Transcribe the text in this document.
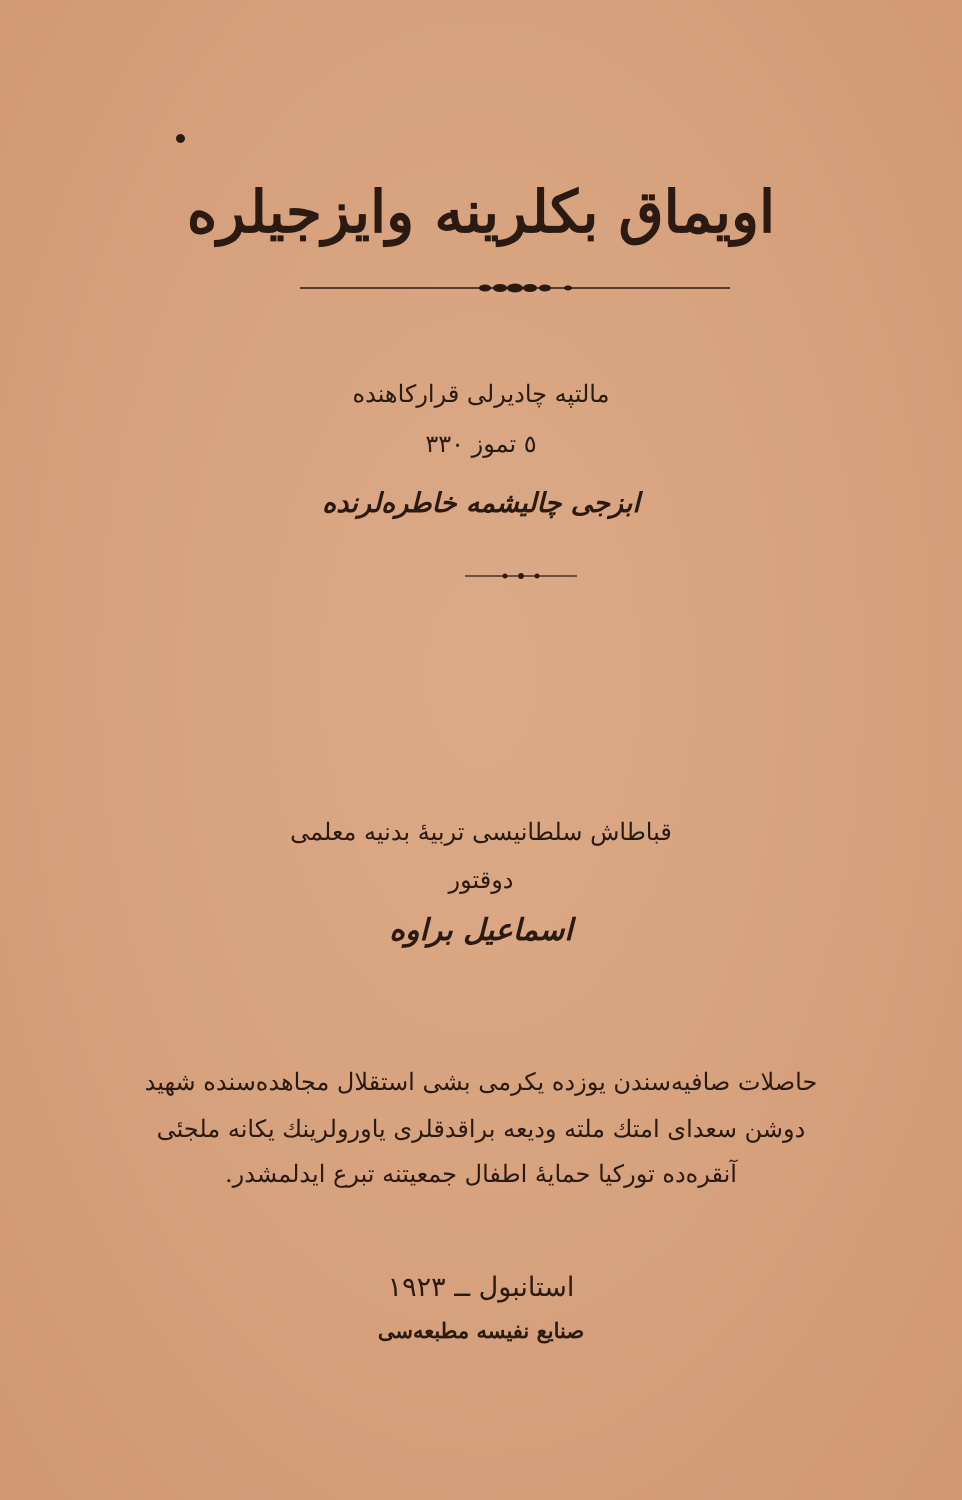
اویماق بكلرینه وایزجیلره
مالتپه چادیرلی قرارکاهنده
٥ تموز ٣٣٠
ابزجی چالیشمه خاطره‌لرنده
قباطاش سلطانیسی تربیهٔ بدنیه معلمی
دوقتور
اسماعیل براوه
حاصلات صافیه‌سندن یوزده یکرمی بشی استقلال مجاهده‌سنده شهید
دوشن سعدای امتك ملته ودیعه براقدقلری یاورولرینك یكانه ملجئی
آنقره‌ده توركیا حمایهٔ اطفال جمعیتنه تبرع ایدلمشدر.
استانبول ــ ١٩٢٣
صنایع نفیسه مطبعه‌سی
